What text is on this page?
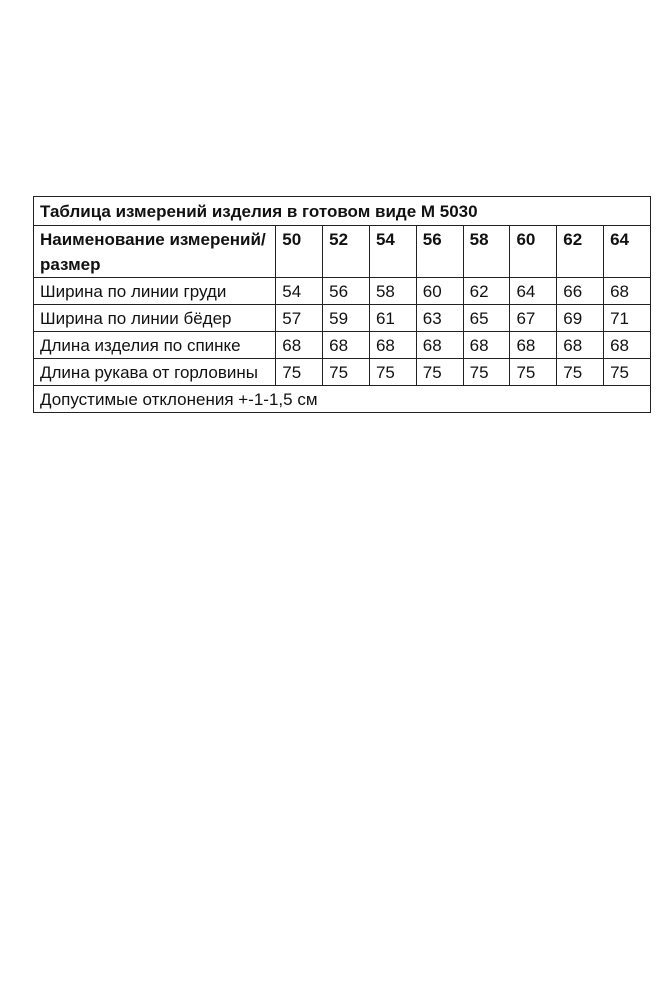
Таблица измерений изделия в готовом виде М 5030								
Наименование измерений/размер	50	52	54	56	58	60	62	64
Ширина по линии груди	54	56	58	60	62	64	66	68
Ширина по линии бёдер	57	59	61	63	65	67	69	71
Длина изделия по спинке	68	68	68	68	68	68	68	68
Длина рукава от горловины	75	75	75	75	75	75	75	75
Допустимые отклонения +-1-1,5 см								
